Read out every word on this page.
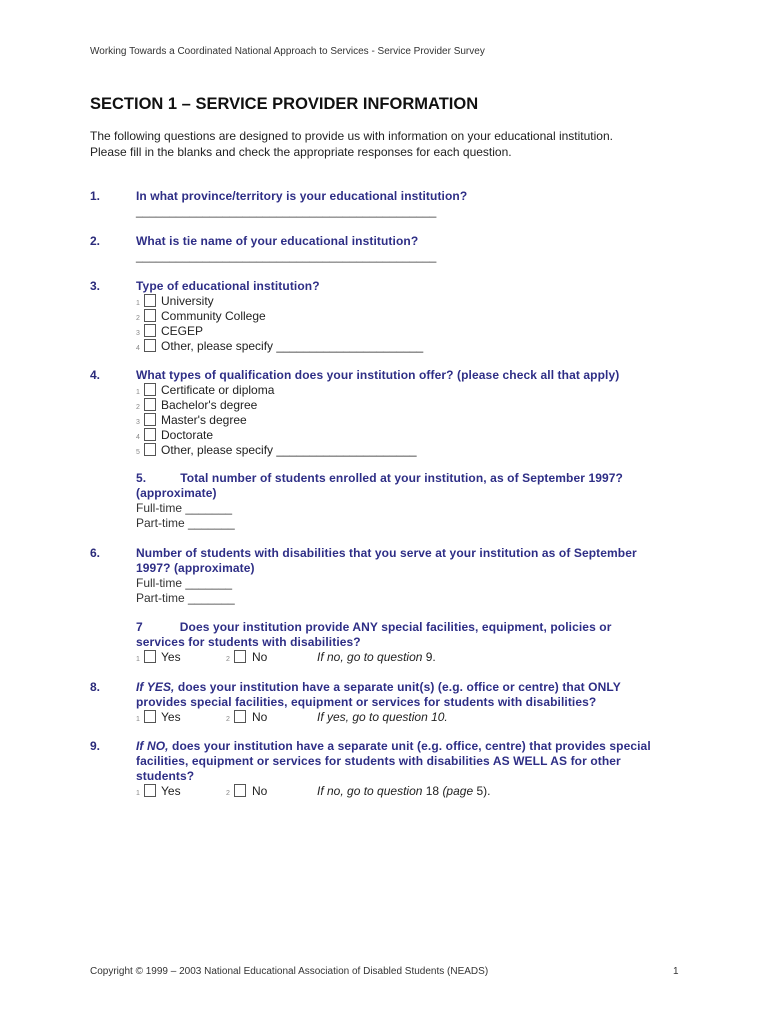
Working Towards a Coordinated National Approach to Services - Service Provider Survey
SECTION 1 – SERVICE PROVIDER INFORMATION
The following questions are designed to provide us with information on your educational institution.
Please fill in the blanks and check the appropriate responses for each question.
1.	In what province/territory is your educational institution?
_____________________________________________
2.	What is tie name of your educational institution?
_____________________________________________
3.	Type of educational institution?
1 University
2 Community College
3 CEGEP
4 Other, please specify ______________________
4.	What types of qualification does your institution offer? (please check all that apply)
1 Certificate or diploma
2 Bachelor's degree
3 Master's degree
4 Doctorate
5 Other, please specify _____________________
5.	Total number of students enrolled at your institution, as of September 1997?
(approximate)
Full-time _______
Part-time _______
6.	Number of students with disabilities that you serve at your institution as of September
1997? (approximate)
Full-time _______
Part-time _______
7	Does your institution provide ANY special facilities, equipment, policies or
services for students with disabilities?
1 Yes	2 No	If no, go to question 9.
8.	If YES, does your institution have a separate unit(s) (e.g. office or centre) that ONLY
provides special facilities, equipment or services for students with disabilities?
1 Yes	2 No	If yes, go to question 10.
9.	If NO, does your institution have a separate unit (e.g. office, centre) that provides special
facilities, equipment or services for students with disabilities AS WELL AS for other
students?
1 Yes	2 No	If no, go to question 18 (page 5).
Copyright © 1999 – 2003 National Educational Association of Disabled Students (NEADS)	1
